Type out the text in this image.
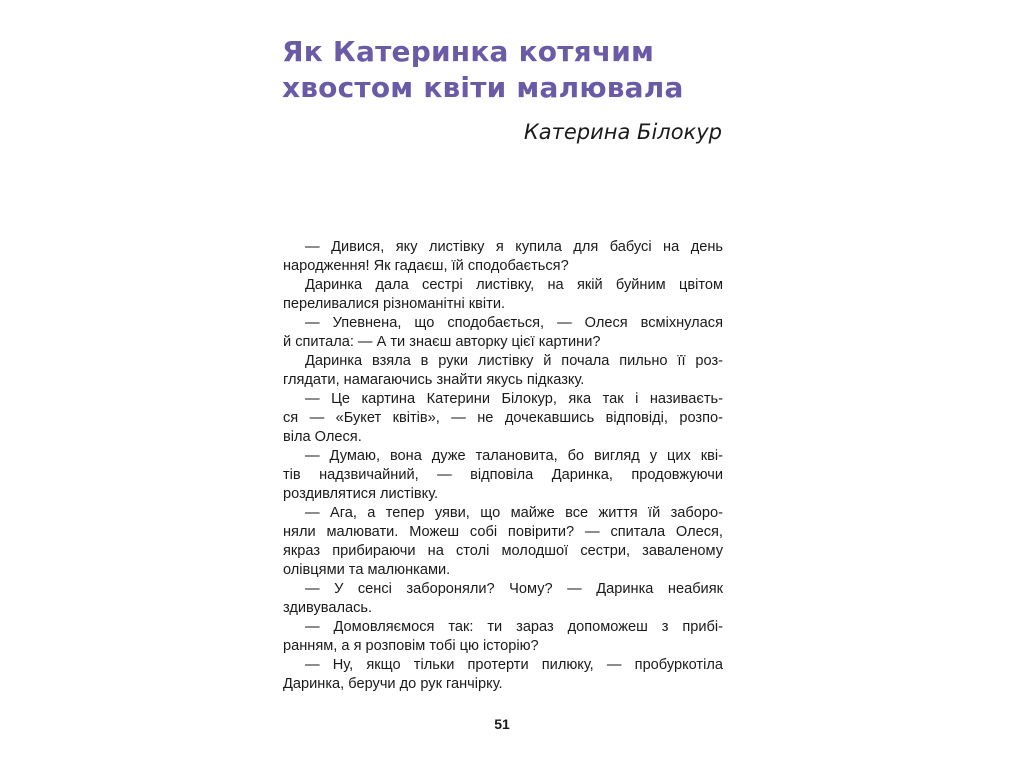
Як Катеринка котячим
хвостом квіти малювала
Катерина Білокур
— Дивися, яку листівку я купила для бабусі на день
народження! Як гадаєш, їй сподобається?
Даринка дала сестрі листівку, на якій буйним цвітом
переливалися різноманітні квіти.
— Упевнена, що сподобається, — Олеся всміхнулася
й спитала: — А ти знаєш авторку цієї картини?
Даринка взяла в руки листівку й почала пильно її роз-
глядати, намагаючись знайти якусь підказку.
— Це картина Катерини Білокур, яка так і називаєть-
ся — «Букет квітів», — не дочекавшись відповіді, розпо-
віла Олеся.
— Думаю, вона дуже талановита, бо вигляд у цих кві-
тів надзвичайний, — відповіла Даринка, продовжуючи
роздивлятися листівку.
— Ага, а тепер уяви, що майже все життя їй заборо-
няли малювати. Можеш собі повірити? — спитала Олеся,
якраз прибираючи на столі молодшої сестри, заваленому
олівцями та малюнками.
— У сенсі забороняли? Чому? — Даринка неабияк
здивувалась.
— Домовляємося так: ти зараз допоможеш з прибі-
ранням, а я розповім тобі цю історію?
— Ну, якщо тільки протерти пилюку, — пробуркотіла
Даринка, беручи до рук ганчірку.
51
